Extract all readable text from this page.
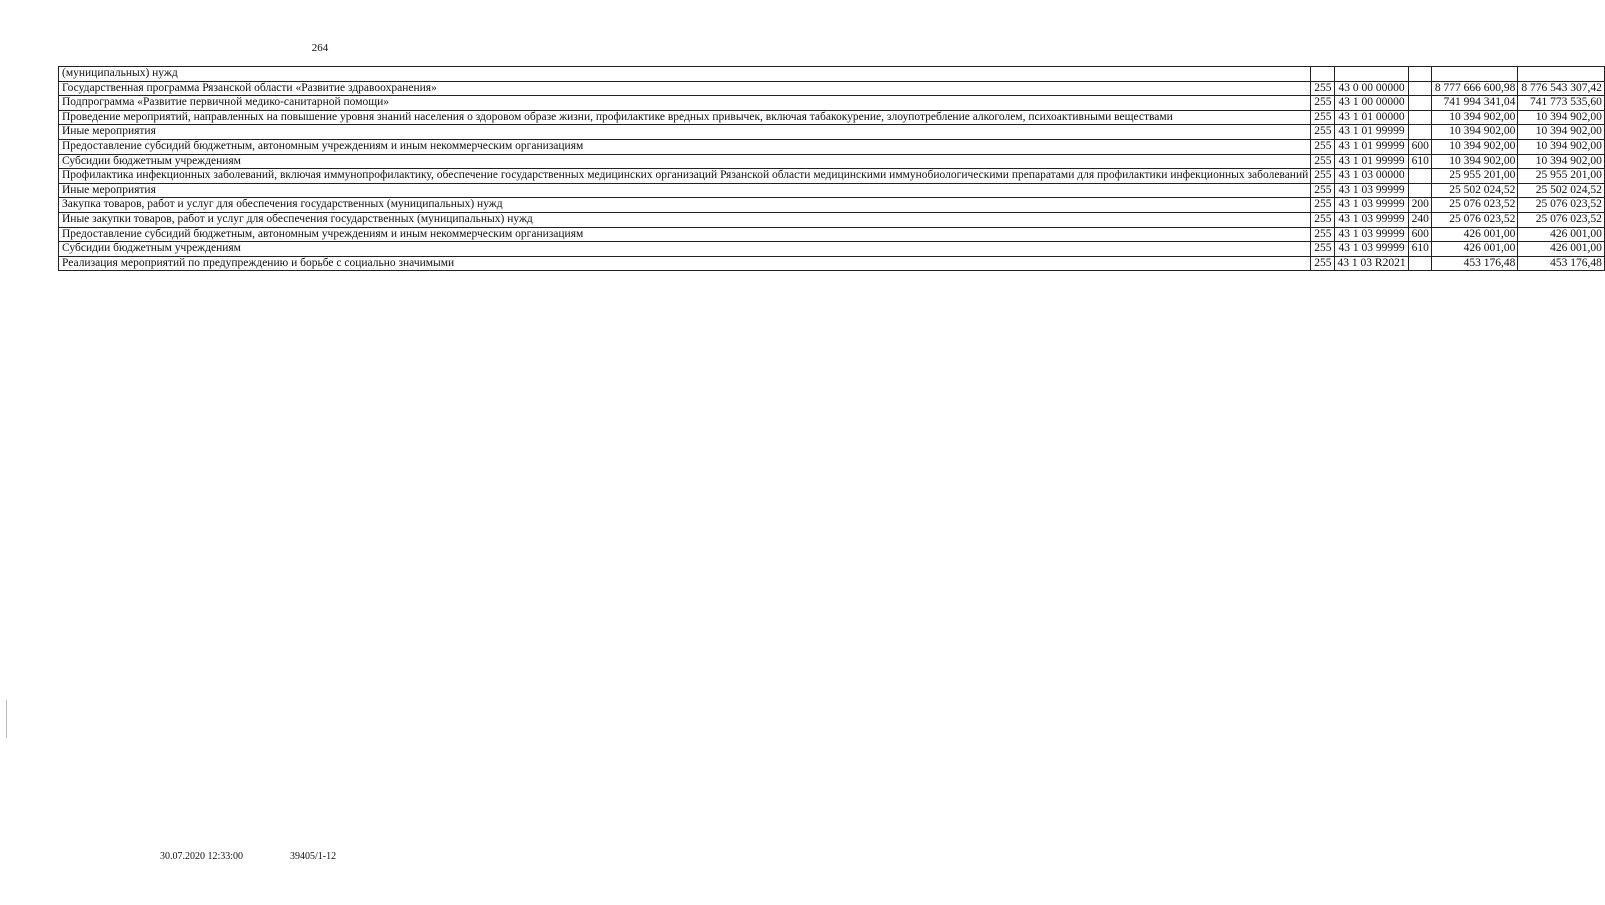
264
(муниципальных) нужд					
Государственная программа Рязанской области «Развитие здравоохранения»	255	43 0 00 00000		8 777 666 600,98	8 776 543 307,42
Подпрограмма «Развитие первичной медико-санитарной помощи»	255	43 1 00 00000		741 994 341,04	741 773 535,60
Проведение мероприятий, направленных на повышение уровня знаний населения о здоровом образе жизни, профилактике вредных привычек, включая табакокурение, злоупотребление алкоголем, психоактивными веществами	255	43 1 01 00000		10 394 902,00	10 394 902,00
Иные мероприятия	255	43 1 01 99999		10 394 902,00	10 394 902,00
Предоставление субсидий бюджетным, автономным учреждениям и иным некоммерческим организациям	255	43 1 01 99999	600	10 394 902,00	10 394 902,00
Субсидии бюджетным учреждениям	255	43 1 01 99999	610	10 394 902,00	10 394 902,00
Профилактика инфекционных заболеваний, включая иммунопрофилактику, обеспечение государственных медицинских организаций Рязанской области медицинскими иммунобиологическими препаратами для профилактики инфекционных заболеваний	255	43 1 03 00000		25 955 201,00	25 955 201,00
Иные мероприятия	255	43 1 03 99999		25 502 024,52	25 502 024,52
Закупка товаров, работ и услуг для обеспечения государственных (муниципальных) нужд	255	43 1 03 99999	200	25 076 023,52	25 076 023,52
Иные закупки товаров, работ и услуг для обеспечения государственных (муниципальных) нужд	255	43 1 03 99999	240	25 076 023,52	25 076 023,52
Предоставление субсидий бюджетным, автономным учреждениям и иным некоммерческим организациям	255	43 1 03 99999	600	426 001,00	426 001,00
Субсидии бюджетным учреждениям	255	43 1 03 99999	610	426 001,00	426 001,00
Реализация мероприятий по предупреждению и борьбе с социально значимыми	255	43 1 03 R2021		453 176,48	453 176,48
30.07.2020 12:33:00	39405/1-12
